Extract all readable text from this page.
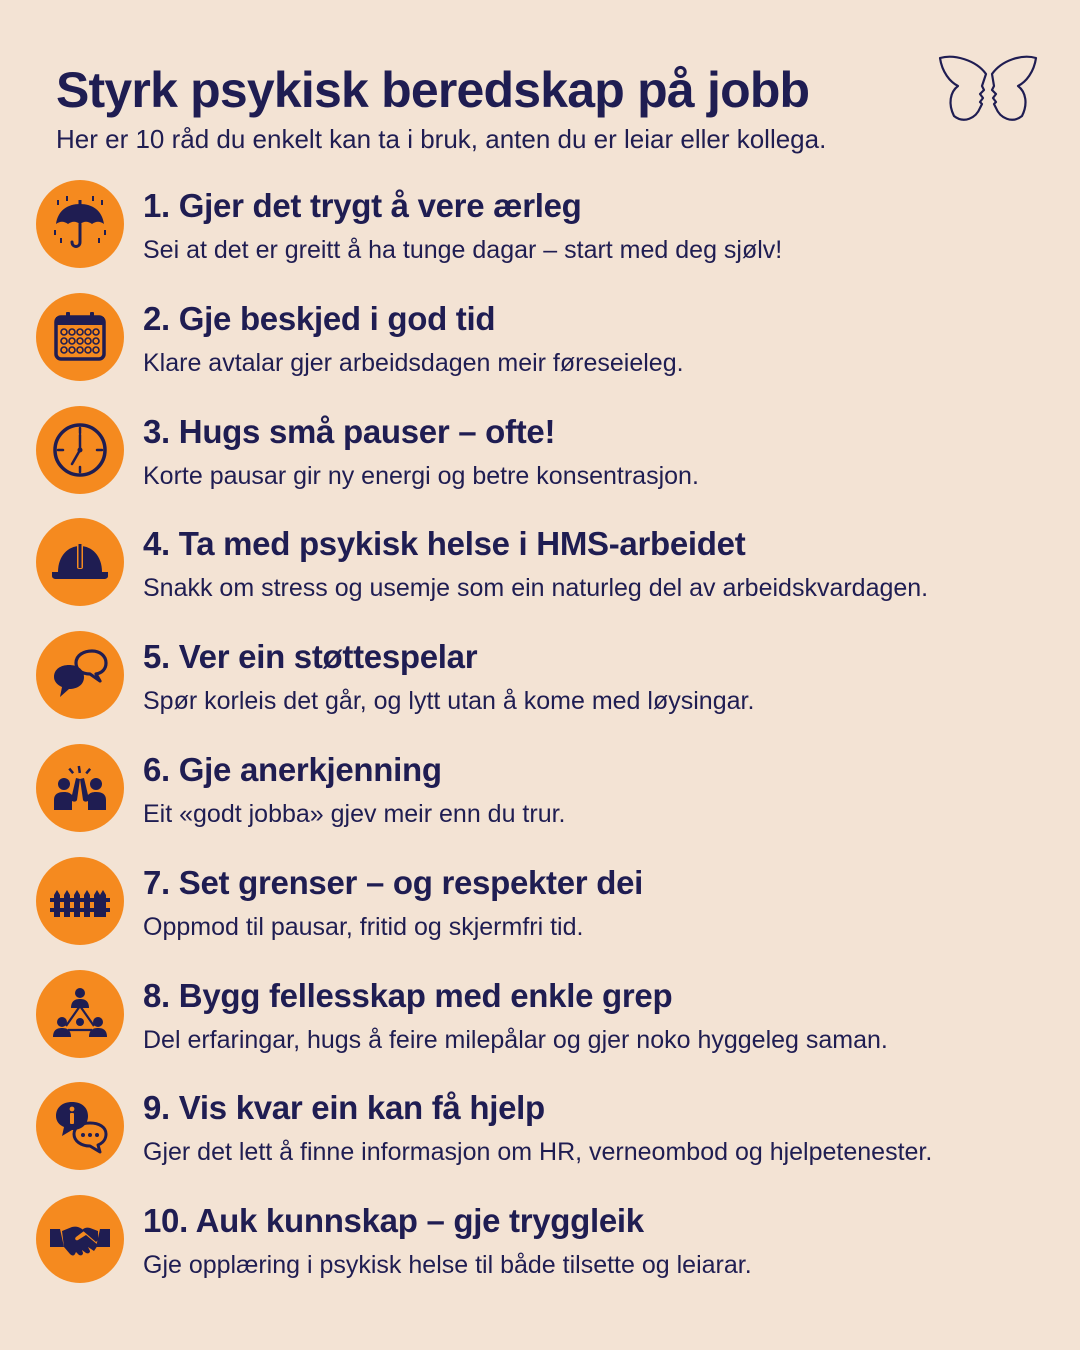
Styrk psykisk beredskap på jobb
Her er 10 råd du enkelt kan ta i bruk, anten du er leiar eller kollega.
1. Gjer det trygt å vere ærleg
Sei at det er greitt å ha tunge dagar – start med deg sjølv!
2. Gje beskjed i god tid
Klare avtalar gjer arbeidsdagen meir føreseieleg.
3. Hugs små pauser – ofte!
Korte pausar gir ny energi og betre konsentrasjon.
4. Ta med psykisk helse i HMS-arbeidet
Snakk om stress og usemje som ein naturleg del av arbeidskvardagen.
5. Ver ein støttespelar
Spør korleis det går, og lytt utan å kome med løysingar.
6. Gje anerkjenning
Eit «godt jobba» gjev meir enn du trur.
7. Set grenser – og respekter dei
Oppmod til pausar, fritid og skjermfri tid.
8. Bygg fellesskap med enkle grep
Del erfaringar, hugs å feire milepålar og gjer noko hyggeleg saman.
9. Vis kvar ein kan få hjelp
Gjer det lett å finne informasjon om HR, verneombod og hjelpetenester.
10. Auk kunnskap – gje tryggleik
Gje opplæring i psykisk helse til både tilsette og leiarar.
